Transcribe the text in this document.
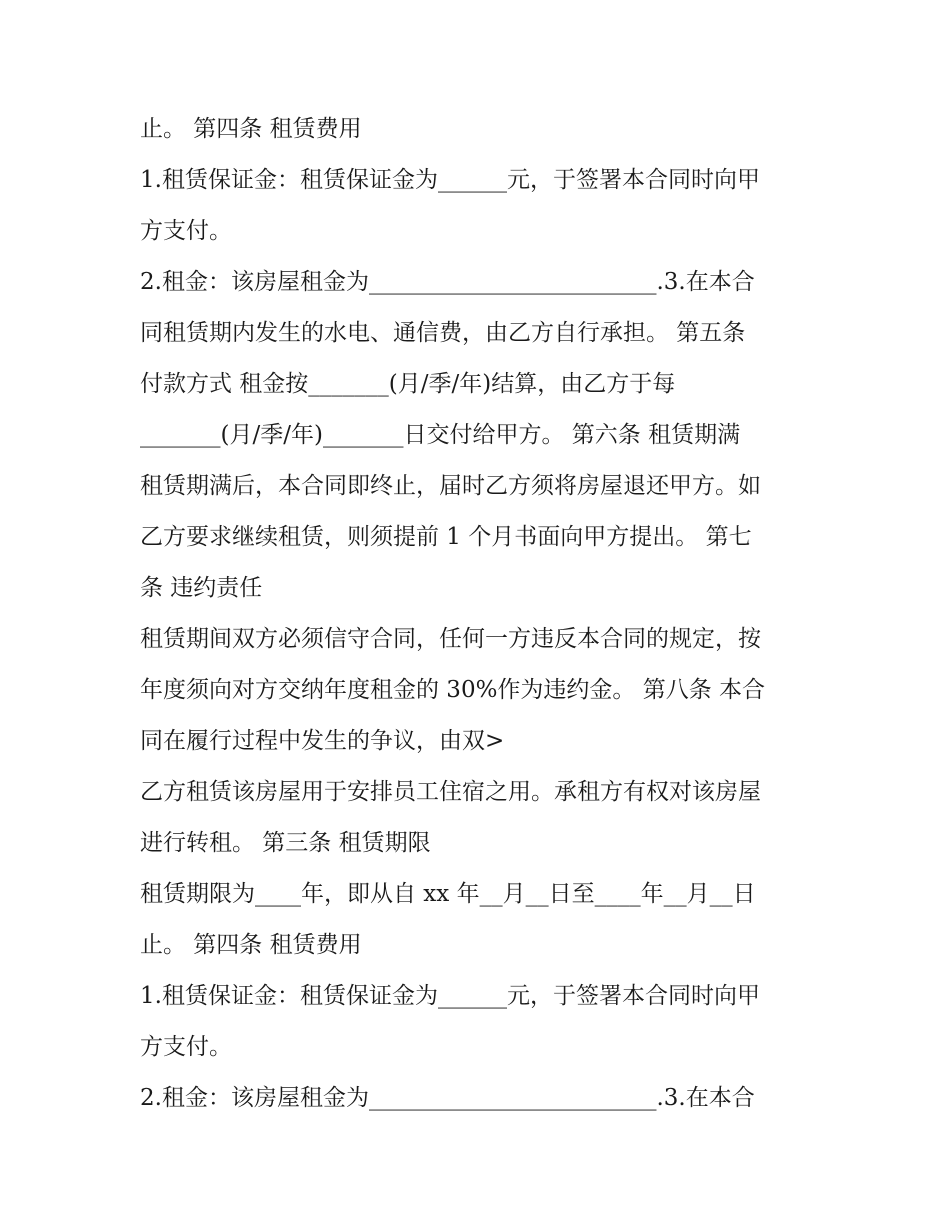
止。 第四条 租赁费用
1.租赁保证金：租赁保证金为______元，于签署本合同时向甲
方支付。
2.租金：该房屋租金为_________________________.3.在本合
同租赁期内发生的水电、通信费，由乙方自行承担。 第五条
付款方式 租金按_______(月/季/年)结算，由乙方于每
_______(月/季/年)_______日交付给甲方。 第六条 租赁期满
租赁期满后，本合同即终止，届时乙方须将房屋退还甲方。如
乙方要求继续租赁，则须提前 1 个月书面向甲方提出。 第七
条 违约责任
租赁期间双方必须信守合同，任何一方违反本合同的规定，按
年度须向对方交纳年度租金的 30%作为违约金。 第八条 本合
同在履行过程中发生的争议，由双>
乙方租赁该房屋用于安排员工住宿之用。承租方有权对该房屋
进行转租。 第三条 租赁期限
租赁期限为____年，即从自 xx 年__月__日至____年__月__日
止。 第四条 租赁费用
1.租赁保证金：租赁保证金为______元，于签署本合同时向甲
方支付。
2.租金：该房屋租金为_________________________.3.在本合
